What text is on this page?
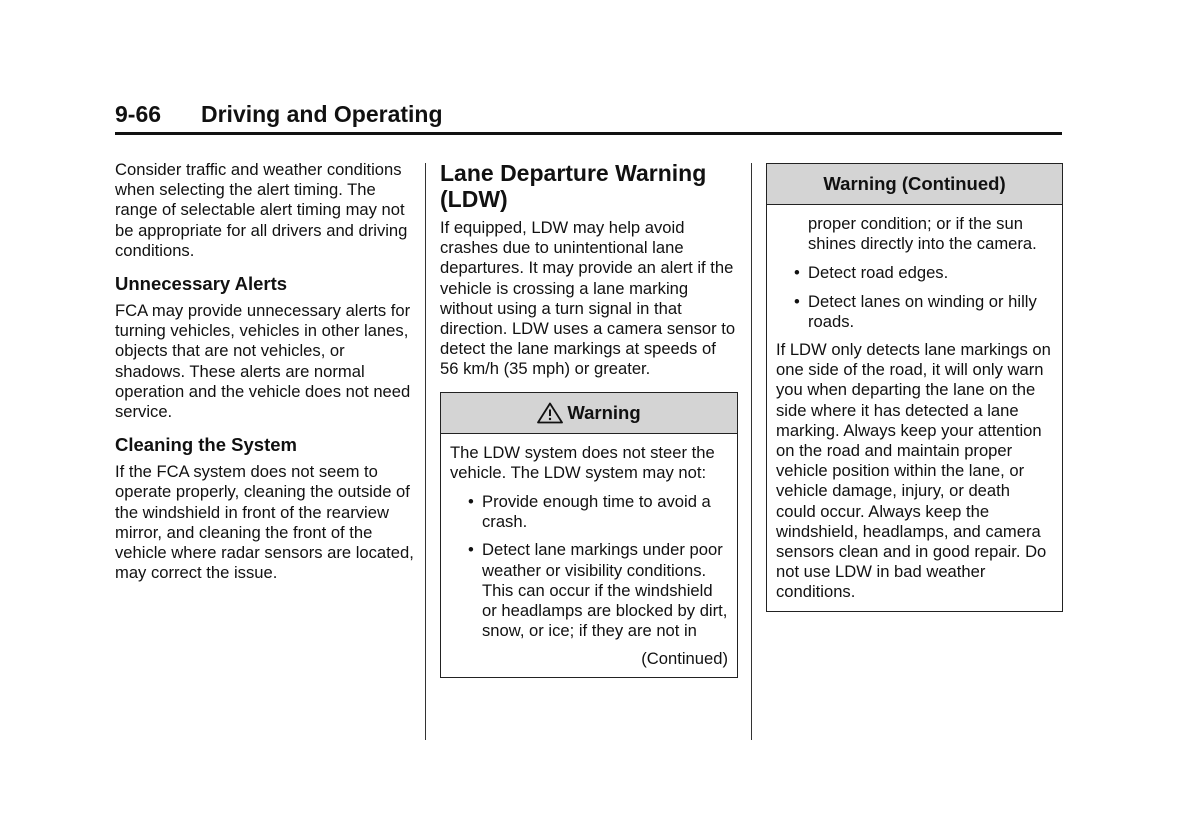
9-66 Driving and Operating

Consider traffic and weather conditions when selecting the alert timing. The range of selectable alert timing may not be appropriate for all drivers and driving conditions.

Unnecessary Alerts

FCA may provide unnecessary alerts for turning vehicles, vehicles in other lanes, objects that are not vehicles, or shadows. These alerts are normal operation and the vehicle does not need service.

Cleaning the System

If the FCA system does not seem to operate properly, cleaning the outside of the windshield in front of the rearview mirror, and cleaning the front of the vehicle where radar sensors are located, may correct the issue.

Lane Departure Warning (LDW)

If equipped, LDW may help avoid crashes due to unintentional lane departures. It may provide an alert if the vehicle is crossing a lane marking without using a turn signal in that direction. LDW uses a camera sensor to detect the lane markings at speeds of 56 km/h (35 mph) or greater.

Warning

The LDW system does not steer the vehicle. The LDW system may not:

• Provide enough time to avoid a crash.
• Detect lane markings under poor weather or visibility conditions. This can occur if the windshield or headlamps are blocked by dirt, snow, or ice; if they are not in
(Continued)
Warning (Continued)
proper condition; or if the sun shines directly into the camera.
• Detect road edges.
• Detect lanes on winding or hilly roads.

If LDW only detects lane markings on one side of the road, it will only warn you when departing the lane on the side where it has detected a lane marking. Always keep your attention on the road and maintain proper vehicle position within the lane, or vehicle damage, injury, or death could occur. Always keep the windshield, headlamps, and camera sensors clean and in good repair. Do not use LDW in bad weather conditions.
